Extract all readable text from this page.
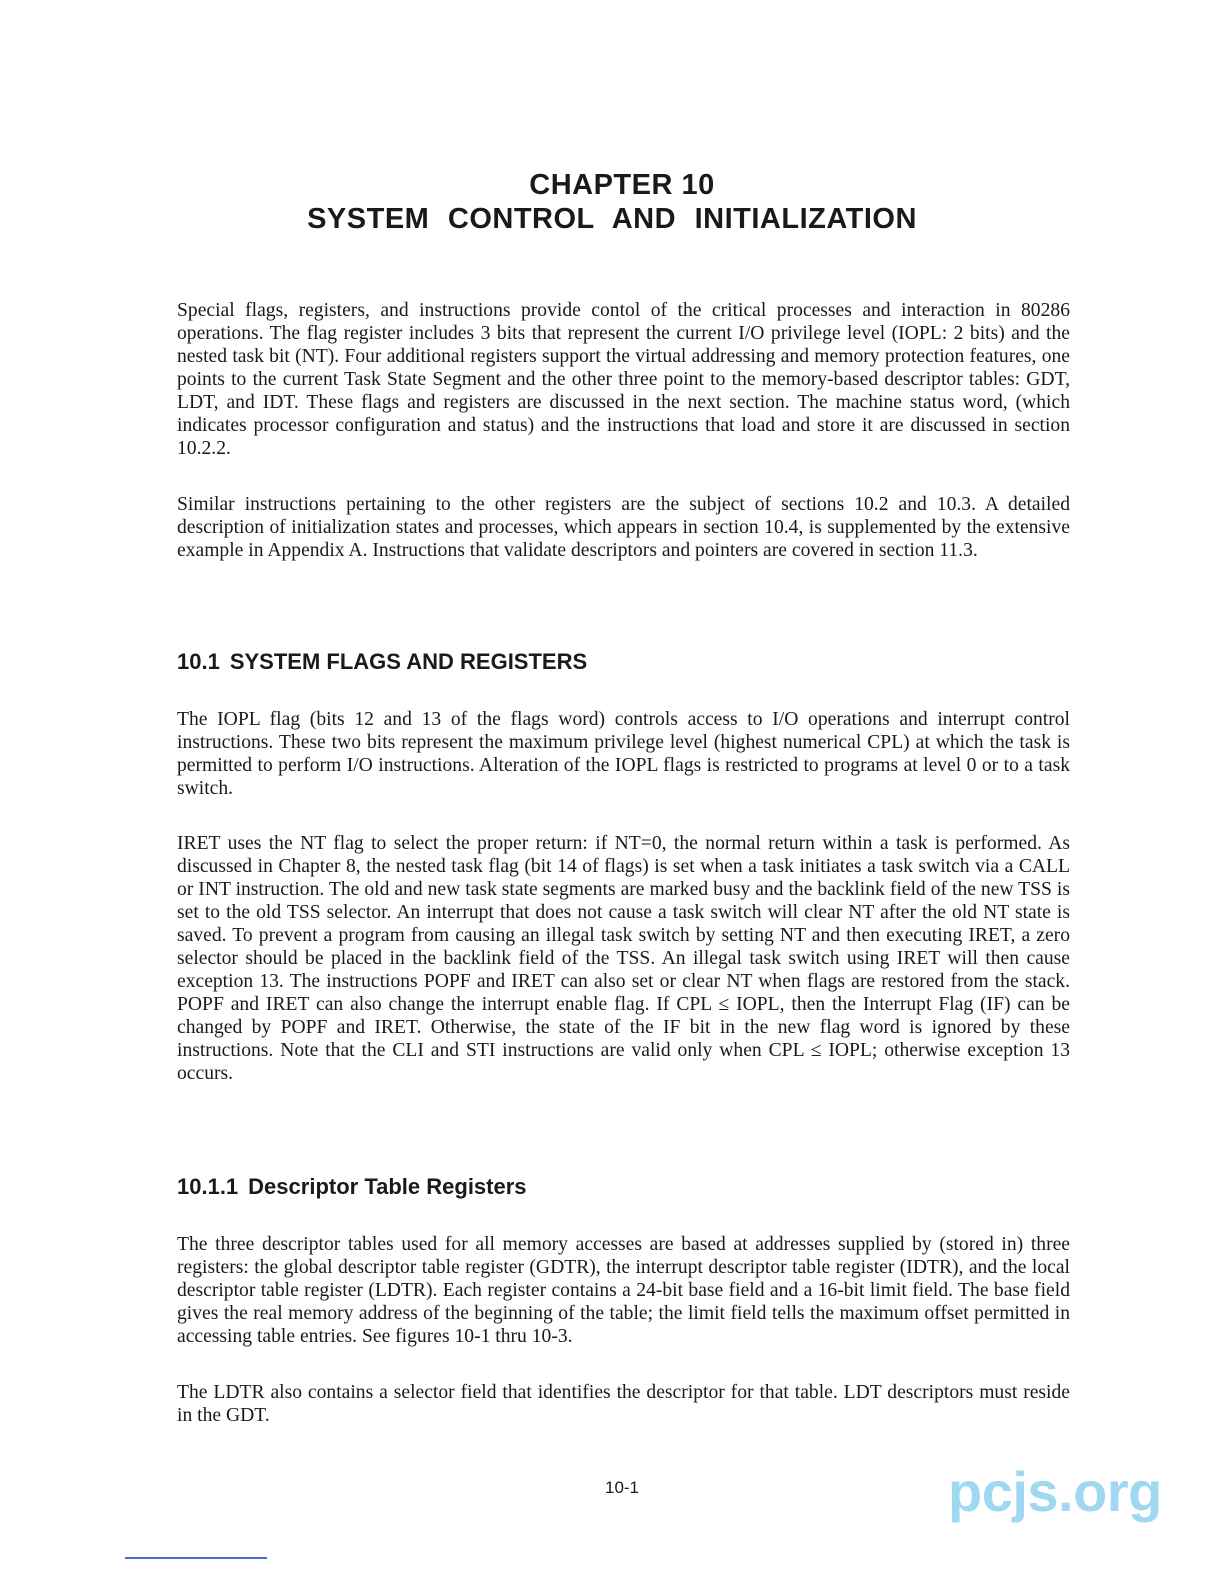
CHAPTER 10
SYSTEM CONTROL AND INITIALIZATION

Special flags, registers, and instructions provide contol of the critical processes and interaction in 80286 operations. The flag register includes 3 bits that represent the current I/O privilege level (IOPL: 2 bits) and the nested task bit (NT). Four additional registers support the virtual addressing and memory protection features, one points to the current Task State Segment and the other three point to the memory-based descriptor tables: GDT, LDT, and IDT. These flags and registers are discussed in the next section. The machine status word, (which indicates processor configuration and status) and the instructions that load and store it are discussed in section 10.2.2.

Similar instructions pertaining to the other registers are the subject of sections 10.2 and 10.3. A detailed description of initialization states and processes, which appears in section 10.4, is supplemented by the extensive example in Appendix A. Instructions that validate descriptors and pointers are covered in section 11.3.

10.1 SYSTEM FLAGS AND REGISTERS

The IOPL flag (bits 12 and 13 of the flags word) controls access to I/O operations and interrupt control instructions. These two bits represent the maximum privilege level (highest numerical CPL) at which the task is permitted to perform I/O instructions. Alteration of the IOPL flags is restricted to programs at level 0 or to a task switch.

IRET uses the NT flag to select the proper return: if NT=0, the normal return within a task is performed. As discussed in Chapter 8, the nested task flag (bit 14 of flags) is set when a task initiates a task switch via a CALL or INT instruction. The old and new task state segments are marked busy and the backlink field of the new TSS is set to the old TSS selector. An interrupt that does not cause a task switch will clear NT after the old NT state is saved. To prevent a program from causing an illegal task switch by setting NT and then executing IRET, a zero selector should be placed in the backlink field of the TSS. An illegal task switch using IRET will then cause exception 13. The instructions POPF and IRET can also set or clear NT when flags are restored from the stack. POPF and IRET can also change the interrupt enable flag. If CPL ≤ IOPL, then the Interrupt Flag (IF) can be changed by POPF and IRET. Otherwise, the state of the IF bit in the new flag word is ignored by these instructions. Note that the CLI and STI instructions are valid only when CPL ≤ IOPL; otherwise exception 13 occurs.

10.1.1 Descriptor Table Registers

The three descriptor tables used for all memory accesses are based at addresses supplied by (stored in) three registers: the global descriptor table register (GDTR), the interrupt descriptor table register (IDTR), and the local descriptor table register (LDTR). Each register contains a 24-bit base field and a 16-bit limit field. The base field gives the real memory address of the beginning of the table; the limit field tells the maximum offset permitted in accessing table entries. See figures 10-1 thru 10-3.

The LDTR also contains a selector field that identifies the descriptor for that table. LDT descriptors must reside in the GDT.

10-1	pcjs.org
